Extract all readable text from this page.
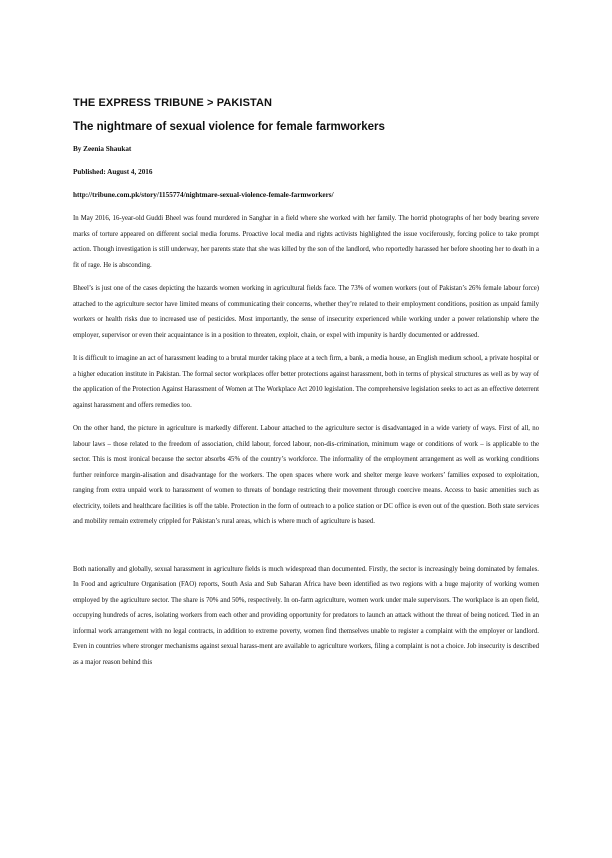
THE EXPRESS TRIBUNE > PAKISTAN
The nightmare of sexual violence for female farmworkers
By Zeenia Shaukat
Published: August 4, 2016
http://tribune.com.pk/story/1155774/nightmare-sexual-violence-female-farmworkers/

In May 2016, 16-year-old Guddi Bheel was found murdered in Sanghar in a field where she worked with her family. The horrid photographs of her body bearing severe marks of torture appeared on different social media forums. Proactive local media and rights activists highlighted the issue vociferously, forcing police to take prompt action. Though investigation is still underway, her parents state that she was killed by the son of the landlord, who reportedly harassed her before shooting her to death in a fit of rage. He is absconding.

Bheel’s is just one of the cases depicting the hazards women working in agricultural fields face. The 73% of women workers (out of Pakistan’s 26% female labour force) attached to the agriculture sector have limited means of communicating their concerns, whether they’re related to their employment conditions, position as unpaid family workers or health risks due to increased use of pesticides. Most importantly, the sense of insecurity experienced while working under a power relationship where the employer, supervisor or even their acquaintance is in a position to threaten, exploit, chain, or expel with impunity is hardly documented or addressed.

It is difficult to imagine an act of harassment leading to a brutal murder taking place at a tech firm, a bank, a media house, an English medium school, a private hospital or a higher education institute in Pakistan. The formal sector workplaces offer better protections against harassment, both in terms of physical structures as well as by way of the application of the Protection Against Harassment of Women at The Workplace Act 2010 legislation. The comprehensive legislation seeks to act as an effective deterrent against harassment and offers remedies too.

On the other hand, the picture in agriculture is markedly different. Labour attached to the agriculture sector is disadvantaged in a wide variety of ways. First of all, no labour laws – those related to the freedom of association, child labour, forced labour, non-dis-crimination, minimum wage or conditions of work – is applicable to the sector. This is most ironical because the sector absorbs 45% of the country’s workforce. The informality of the employment arrangement as well as working conditions further reinforce margin-alisation and disadvantage for the workers. The open spaces where work and shelter merge leave workers’ families exposed to exploitation, ranging from extra unpaid work to harassment of women to threats of bondage restricting their movement through coercive means. Access to basic amenities such as electricity, toilets and healthcare facilities is off the table. Protection in the form of outreach to a police station or DC office is even out of the question. Both state services and mobility remain extremely crippled for Pakistan’s rural areas, which is where much of agriculture is based.

Both nationally and globally, sexual harassment in agriculture fields is much widespread than documented. Firstly, the sector is increasingly being dominated by females. In Food and agriculture Organisation (FAO) reports, South Asia and Sub Saharan Africa have been identified as two regions with a huge majority of working women employed by the agriculture sector. The share is 70% and 50%, respectively. In on-farm agriculture, women work under male supervisors. The workplace is an open field, occupying hundreds of acres, isolating workers from each other and providing opportunity for predators to launch an attack without the threat of being noticed. Tied in an informal work arrangement with no legal contracts, in addition to extreme poverty, women find themselves unable to register a complaint with the employer or landlord. Even in countries where stronger mechanisms against sexual harass-ment are available to agriculture workers, filing a complaint is not a choice. Job insecurity is described as a major reason behind this
